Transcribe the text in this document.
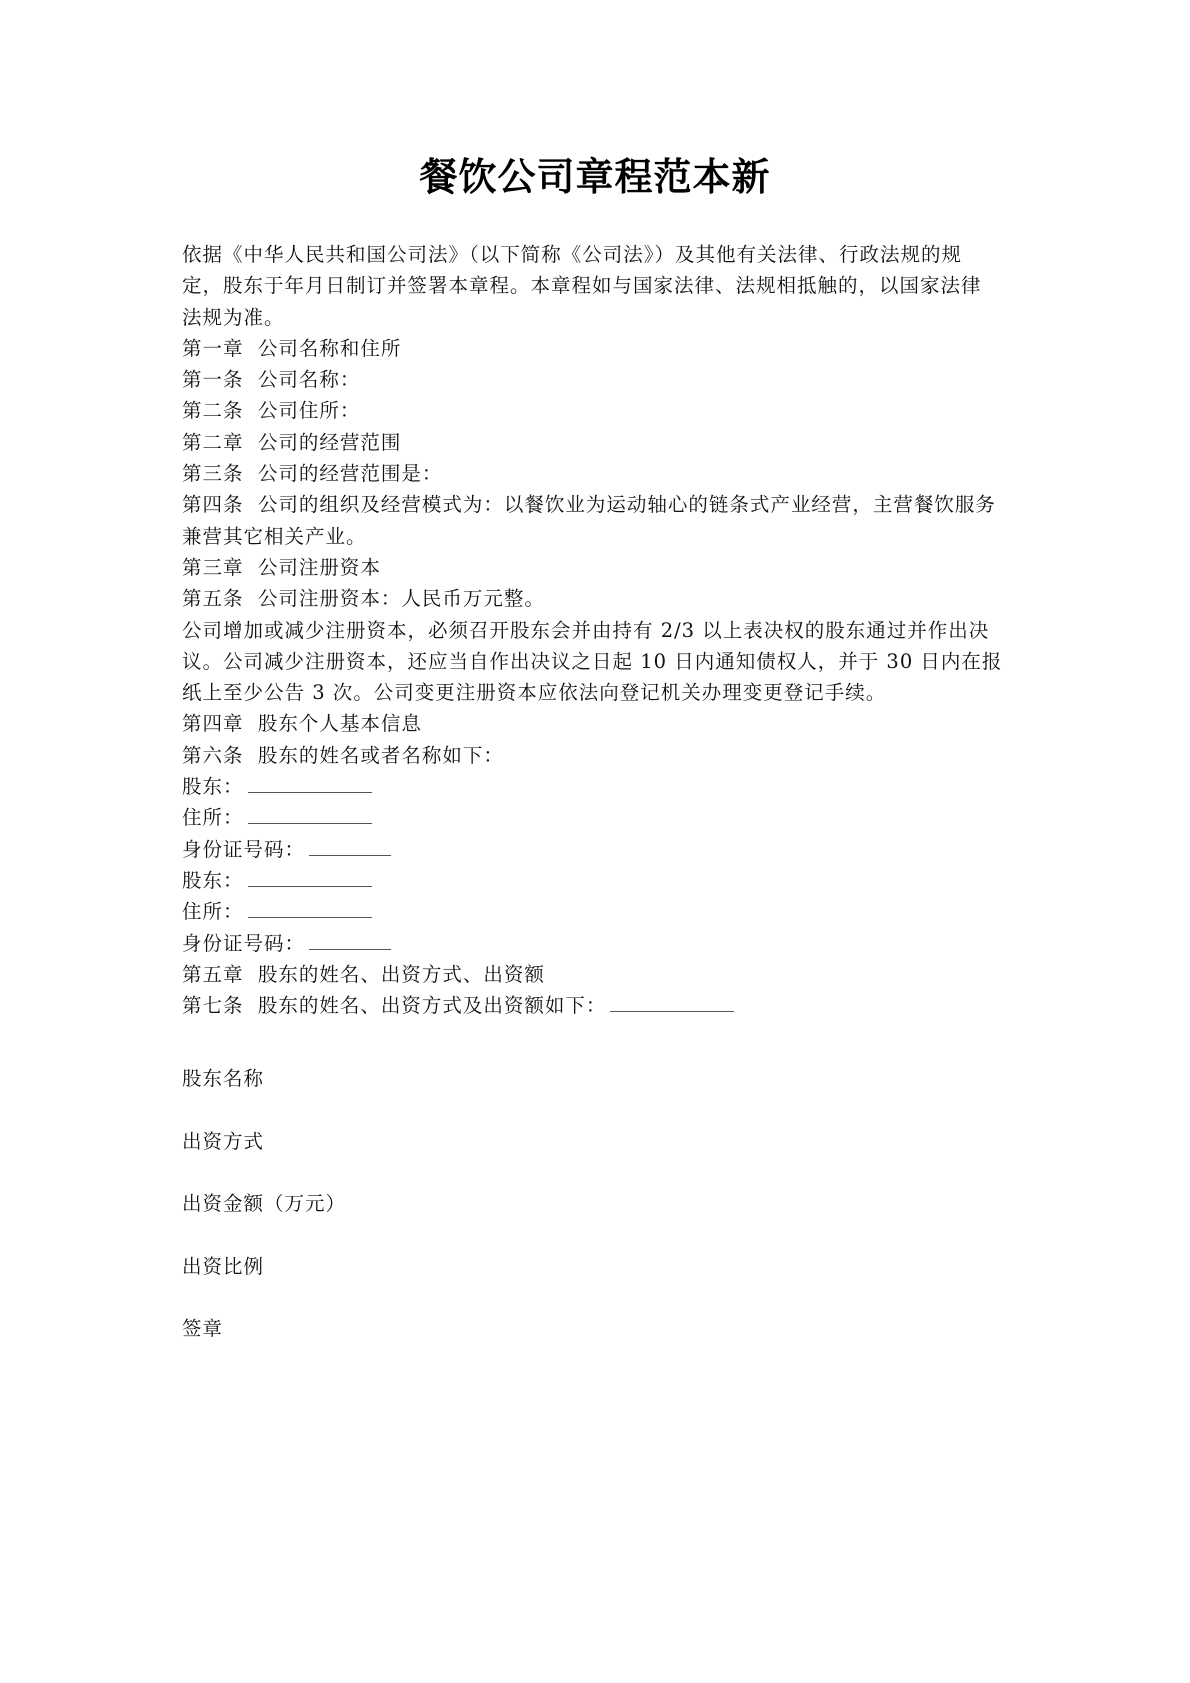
餐饮公司章程范本新
依据《中华人民共和国公司法》（以下简称《公司法》）及其他有关法律、行政法规的规
定，股东于年月日制订并签署本章程。本章程如与国家法律、法规相抵触的，以国家法律
法规为准。
第一章  公司名称和住所
第一条  公司名称：
第二条  公司住所：
第二章  公司的经营范围
第三条  公司的经营范围是：
第四条  公司的组织及经营模式为：以餐饮业为运动轴心的链条式产业经营，主营餐饮服务
兼营其它相关产业。
第三章  公司注册资本
第五条  公司注册资本：人民币万元整。
公司增加或减少注册资本，必须召开股东会并由持有 2/3 以上表决权的股东通过并作出决
议。公司减少注册资本，还应当自作出决议之日起 10 日内通知债权人，并于 30 日内在报
纸上至少公告 3 次。公司变更注册资本应依法向登记机关办理变更登记手续。
第四章  股东个人基本信息
第六条  股东的姓名或者名称如下：
股东：
住所：
身份证号码：
股东：
住所：
身份证号码：
第五章  股东的姓名、出资方式、出资额
第七条  股东的姓名、出资方式及出资额如下：
股东名称
出资方式
出资金额（万元）
出资比例
签章
